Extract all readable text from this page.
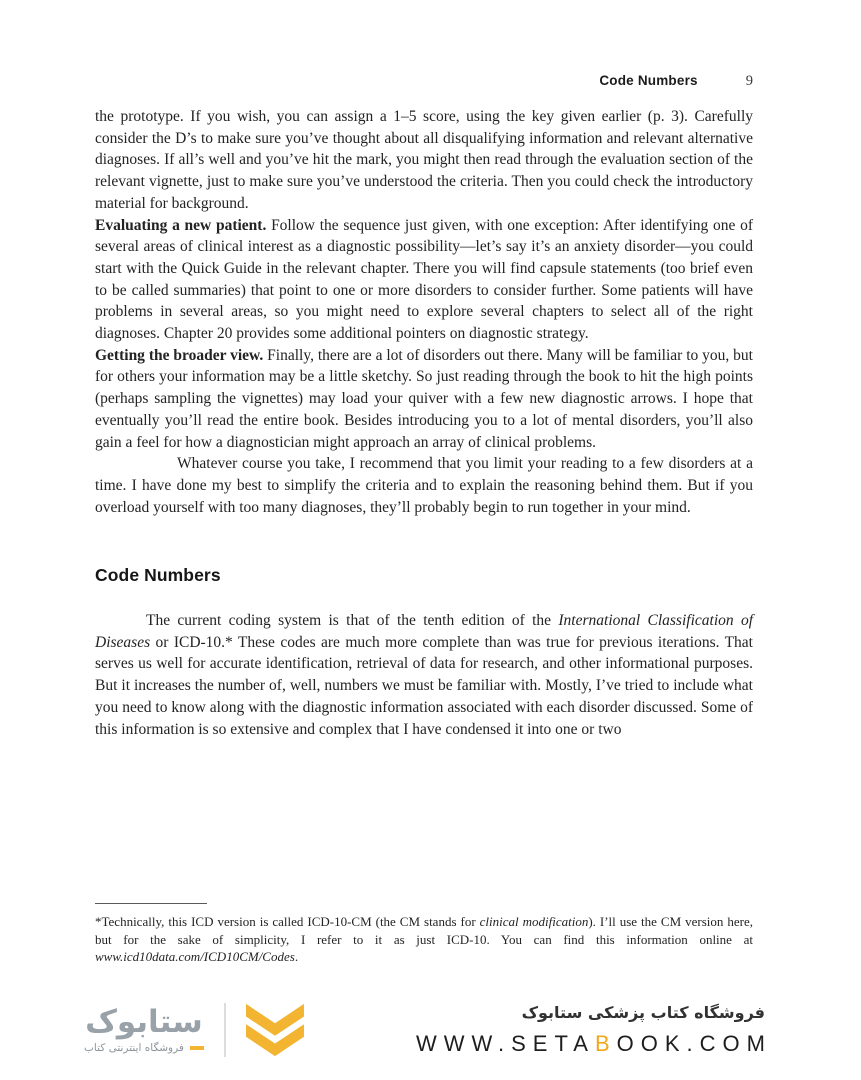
Code Numbers	9

the prototype. If you wish, you can assign a 1–5 score, using the key given earlier (p. 3). Carefully consider the D’s to make sure you’ve thought about all disqualifying information and relevant alternative diagnoses. If all’s well and you’ve hit the mark, you might then read through the evaluation section of the relevant vignette, just to make sure you’ve understood the criteria. Then you could check the introductory material for background.

Evaluating a new patient. Follow the sequence just given, with one exception: After identifying one of several areas of clinical interest as a diagnostic possibility—let’s say it’s an anxiety disorder—you could start with the Quick Guide in the relevant chapter. There you will find capsule statements (too brief even to be called summaries) that point to one or more disorders to consider further. Some patients will have problems in several areas, so you might need to explore several chapters to select all of the right diagnoses. Chapter 20 provides some additional pointers on diagnostic strategy.

Getting the broader view. Finally, there are a lot of disorders out there. Many will be familiar to you, but for others your information may be a little sketchy. So just reading through the book to hit the high points (perhaps sampling the vignettes) may load your quiver with a few new diagnostic arrows. I hope that eventually you’ll read the entire book. Besides introducing you to a lot of mental disorders, you’ll also gain a feel for how a diagnostician might approach an array of clinical problems.

Whatever course you take, I recommend that you limit your reading to a few disorders at a time. I have done my best to simplify the criteria and to explain the reasoning behind them. But if you overload yourself with too many diagnoses, they’ll probably begin to run together in your mind.

Code Numbers

The current coding system is that of the tenth edition of the International Classification of Diseases or ICD-10.* These codes are much more complete than was true for previous iterations. That serves us well for accurate identification, retrieval of data for research, and other informational purposes. But it increases the number of, well, numbers we must be familiar with. Mostly, I’ve tried to include what you need to know along with the diagnostic information associated with each disorder discussed. Some of this information is so extensive and complex that I have condensed it into one or two

*Technically, this ICD version is called ICD-10-CM (the CM stands for clinical modification). I’ll use the CM version here, but for the sake of simplicity, I refer to it as just ICD-10. You can find this information online at www.icd10data.com/ICD10CM/Codes.

ستابوک
فروشگاه اینترنتی کتاب
فروشگاه کتاب پزشکی ستابوک
WWW.SETABOOK.COM
